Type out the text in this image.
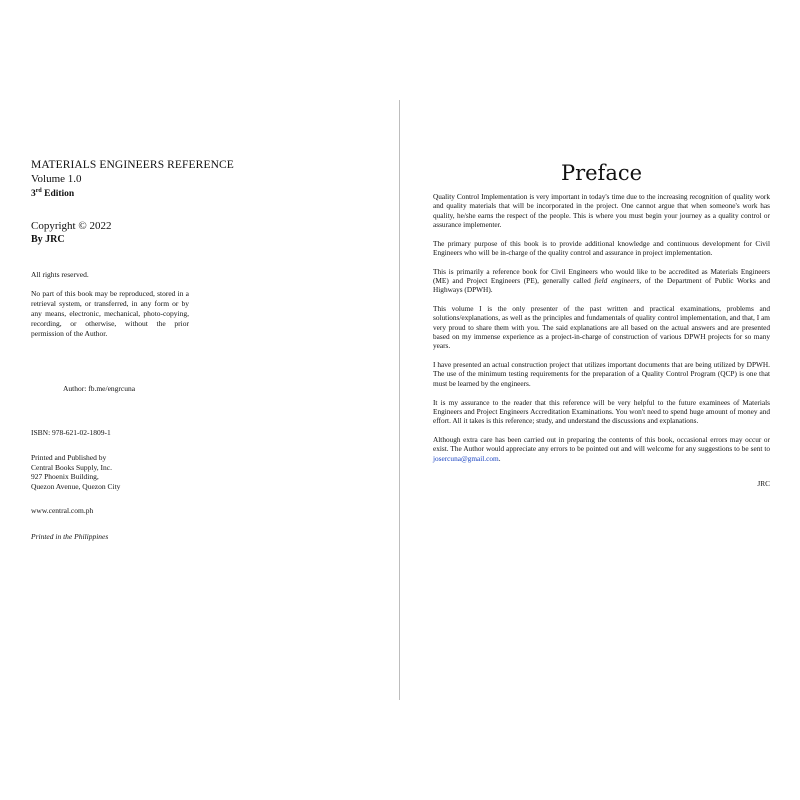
MATERIALS ENGINEERS REFERENCE

Volume 1.0

3rd Edition

Copyright © 2022

By JRC

All rights reserved.

No part of this book may be reproduced, stored in a retrieval system, or transferred, in any form or by any means, electronic, mechanical, photo-copying, recording, or otherwise, without the prior permission of the Author.

Author: fb.me/engrcuna

ISBN: 978-621-02-1809-1

Printed and Published by
Central Books Supply, Inc.
927 Phoenix Building,
Quezon Avenue, Quezon City

www.central.com.ph

Printed in the Philippines

Preface

Quality Control Implementation is very important in today's time due to the increasing recognition of quality work and quality materials that will be incorporated in the project. One cannot argue that when someone's work has quality, he/she earns the respect of the people. This is where you must begin your journey as a quality control or assurance implementer.

The primary purpose of this book is to provide additional knowledge and continuous development for Civil Engineers who will be in-charge of the quality control and assurance in project implementation.

This is primarily a reference book for Civil Engineers who would like to be accredited as Materials Engineers (ME) and Project Engineers (PE), generally called field engineers, of the Department of Public Works and Highways (DPWH).

This volume I is the only presenter of the past written and practical examinations, problems and solutions/explanations, as well as the principles and fundamentals of quality control implementation, and that, I am very proud to share them with you. The said explanations are all based on the actual answers and are presented based on my immense experience as a project-in-charge of construction of various DPWH projects for so many years.

I have presented an actual construction project that utilizes important documents that are being utilized by DPWH. The use of the minimum testing requirements for the preparation of a Quality Control Program (QCP) is one that must be learned by the engineers.

It is my assurance to the reader that this reference will be very helpful to the future examinees of Materials Engineers and Project Engineers Accreditation Examinations. You won't need to spend huge amount of money and effort. All it takes is this reference; study, and understand the discussions and explanations.

Although extra care has been carried out in preparing the contents of this book, occasional errors may occur or exist. The Author would appreciate any errors to be pointed out and will welcome for any suggestions to be sent to josercuna@gmail.com.

JRC
